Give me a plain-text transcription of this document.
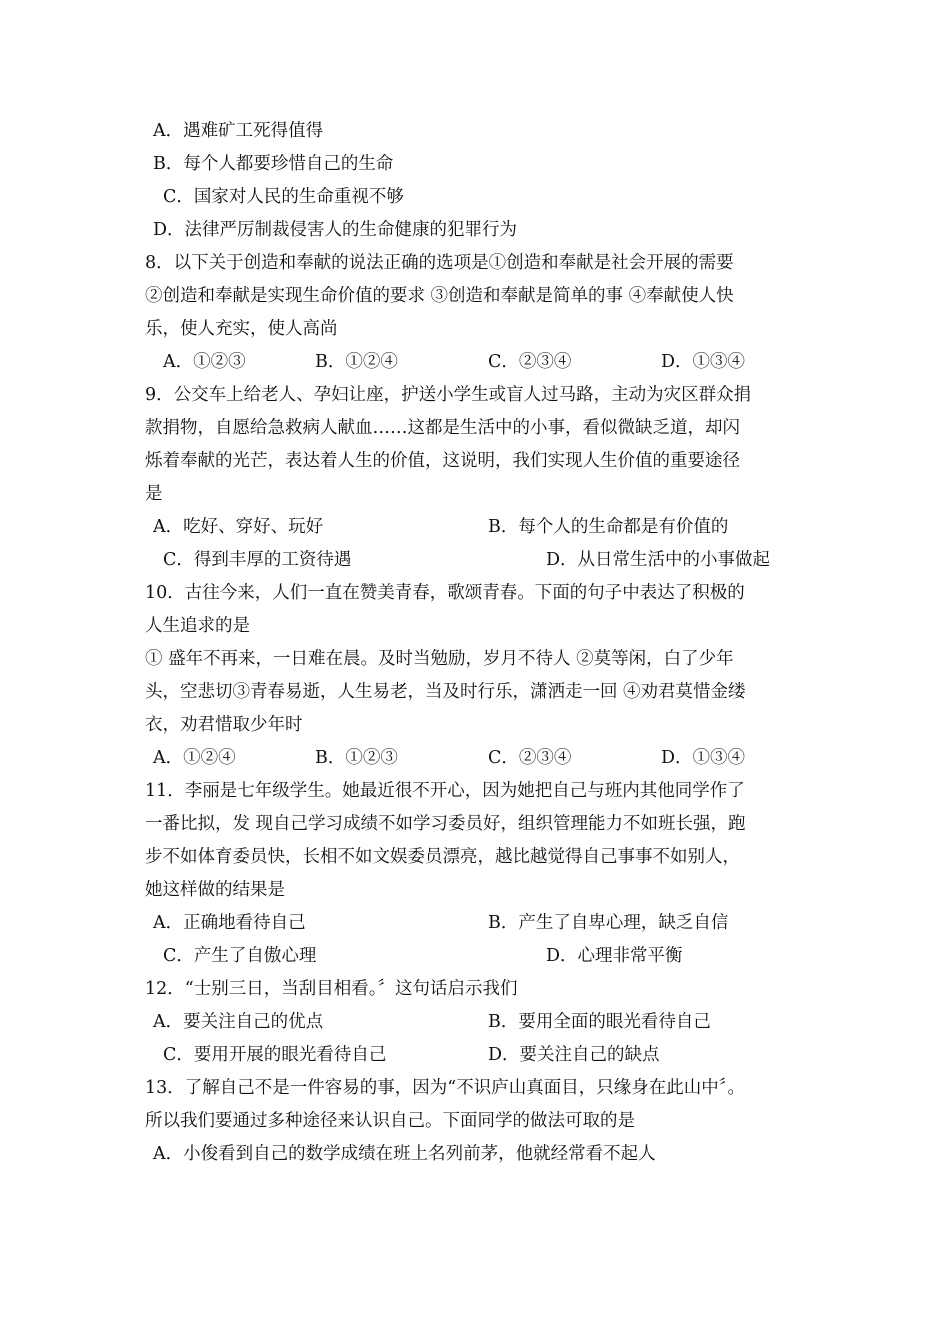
A．遇难矿工死得值得
B．每个人都要珍惜自己的生命
C．国家对人民的生命重视不够
D．法律严厉制裁侵害人的生命健康的犯罪行为
8．以下关于创造和奉献的说法正确的选项是①创造和奉献是社会开展的需要
②创造和奉献是实现生命价值的要求 ③创造和奉献是简单的事 ④奉献使人快
乐，使人充实，使人高尚
A．①②③	B．①②④	C．②③④	D．①③④
9．公交车上给老人、孕妇让座，护送小学生或盲人过马路，主动为灾区群众捐
款捐物，自愿给急救病人献血……这都是生活中的小事，看似微缺乏道，却闪
烁着奉献的光芒，表达着人生的价值，这说明，我们实现人生价值的重要途径
是
A．吃好、穿好、玩好	B．每个人的生命都是有价值的
C．得到丰厚的工资待遇	D．从日常生活中的小事做起
10．古往今来，人们一直在赞美青春，歌颂青春。下面的句子中表达了积极的
人生追求的是
① 盛年不再来，一日难在晨。及时当勉励，岁月不待人 ②莫等闲，白了少年
头，空悲切③青春易逝，人生易老，当及时行乐，潇洒走一回 ④劝君莫惜金缕
衣，劝君惜取少年时
A．①②④	B．①②③	C．②③④	D．①③④
11．李丽是七年级学生。她最近很不开心，因为她把自己与班内其他同学作了
一番比拟，发 现自己学习成绩不如学习委员好，组织管理能力不如班长强，跑
步不如体育委员快，长相不如文娱委员漂亮，越比越觉得自己事事不如别人，
她这样做的结果是
A．正确地看待自己	B．产生了自卑心理，缺乏自信
C．产生了自傲心理	D．心理非常平衡
12．“士别三日，当刮目相看。〞这句话启示我们
A．要关注自己的优点	B．要用全面的眼光看待自己
C．要用开展的眼光看待自己	D．要关注自己的缺点
13．了解自己不是一件容易的事，因为“不识庐山真面目，只缘身在此山中〞。
所以我们要通过多种途径来认识自己。下面同学的做法可取的是
A．小俊看到自己的数学成绩在班上名列前茅，他就经常看不起人
